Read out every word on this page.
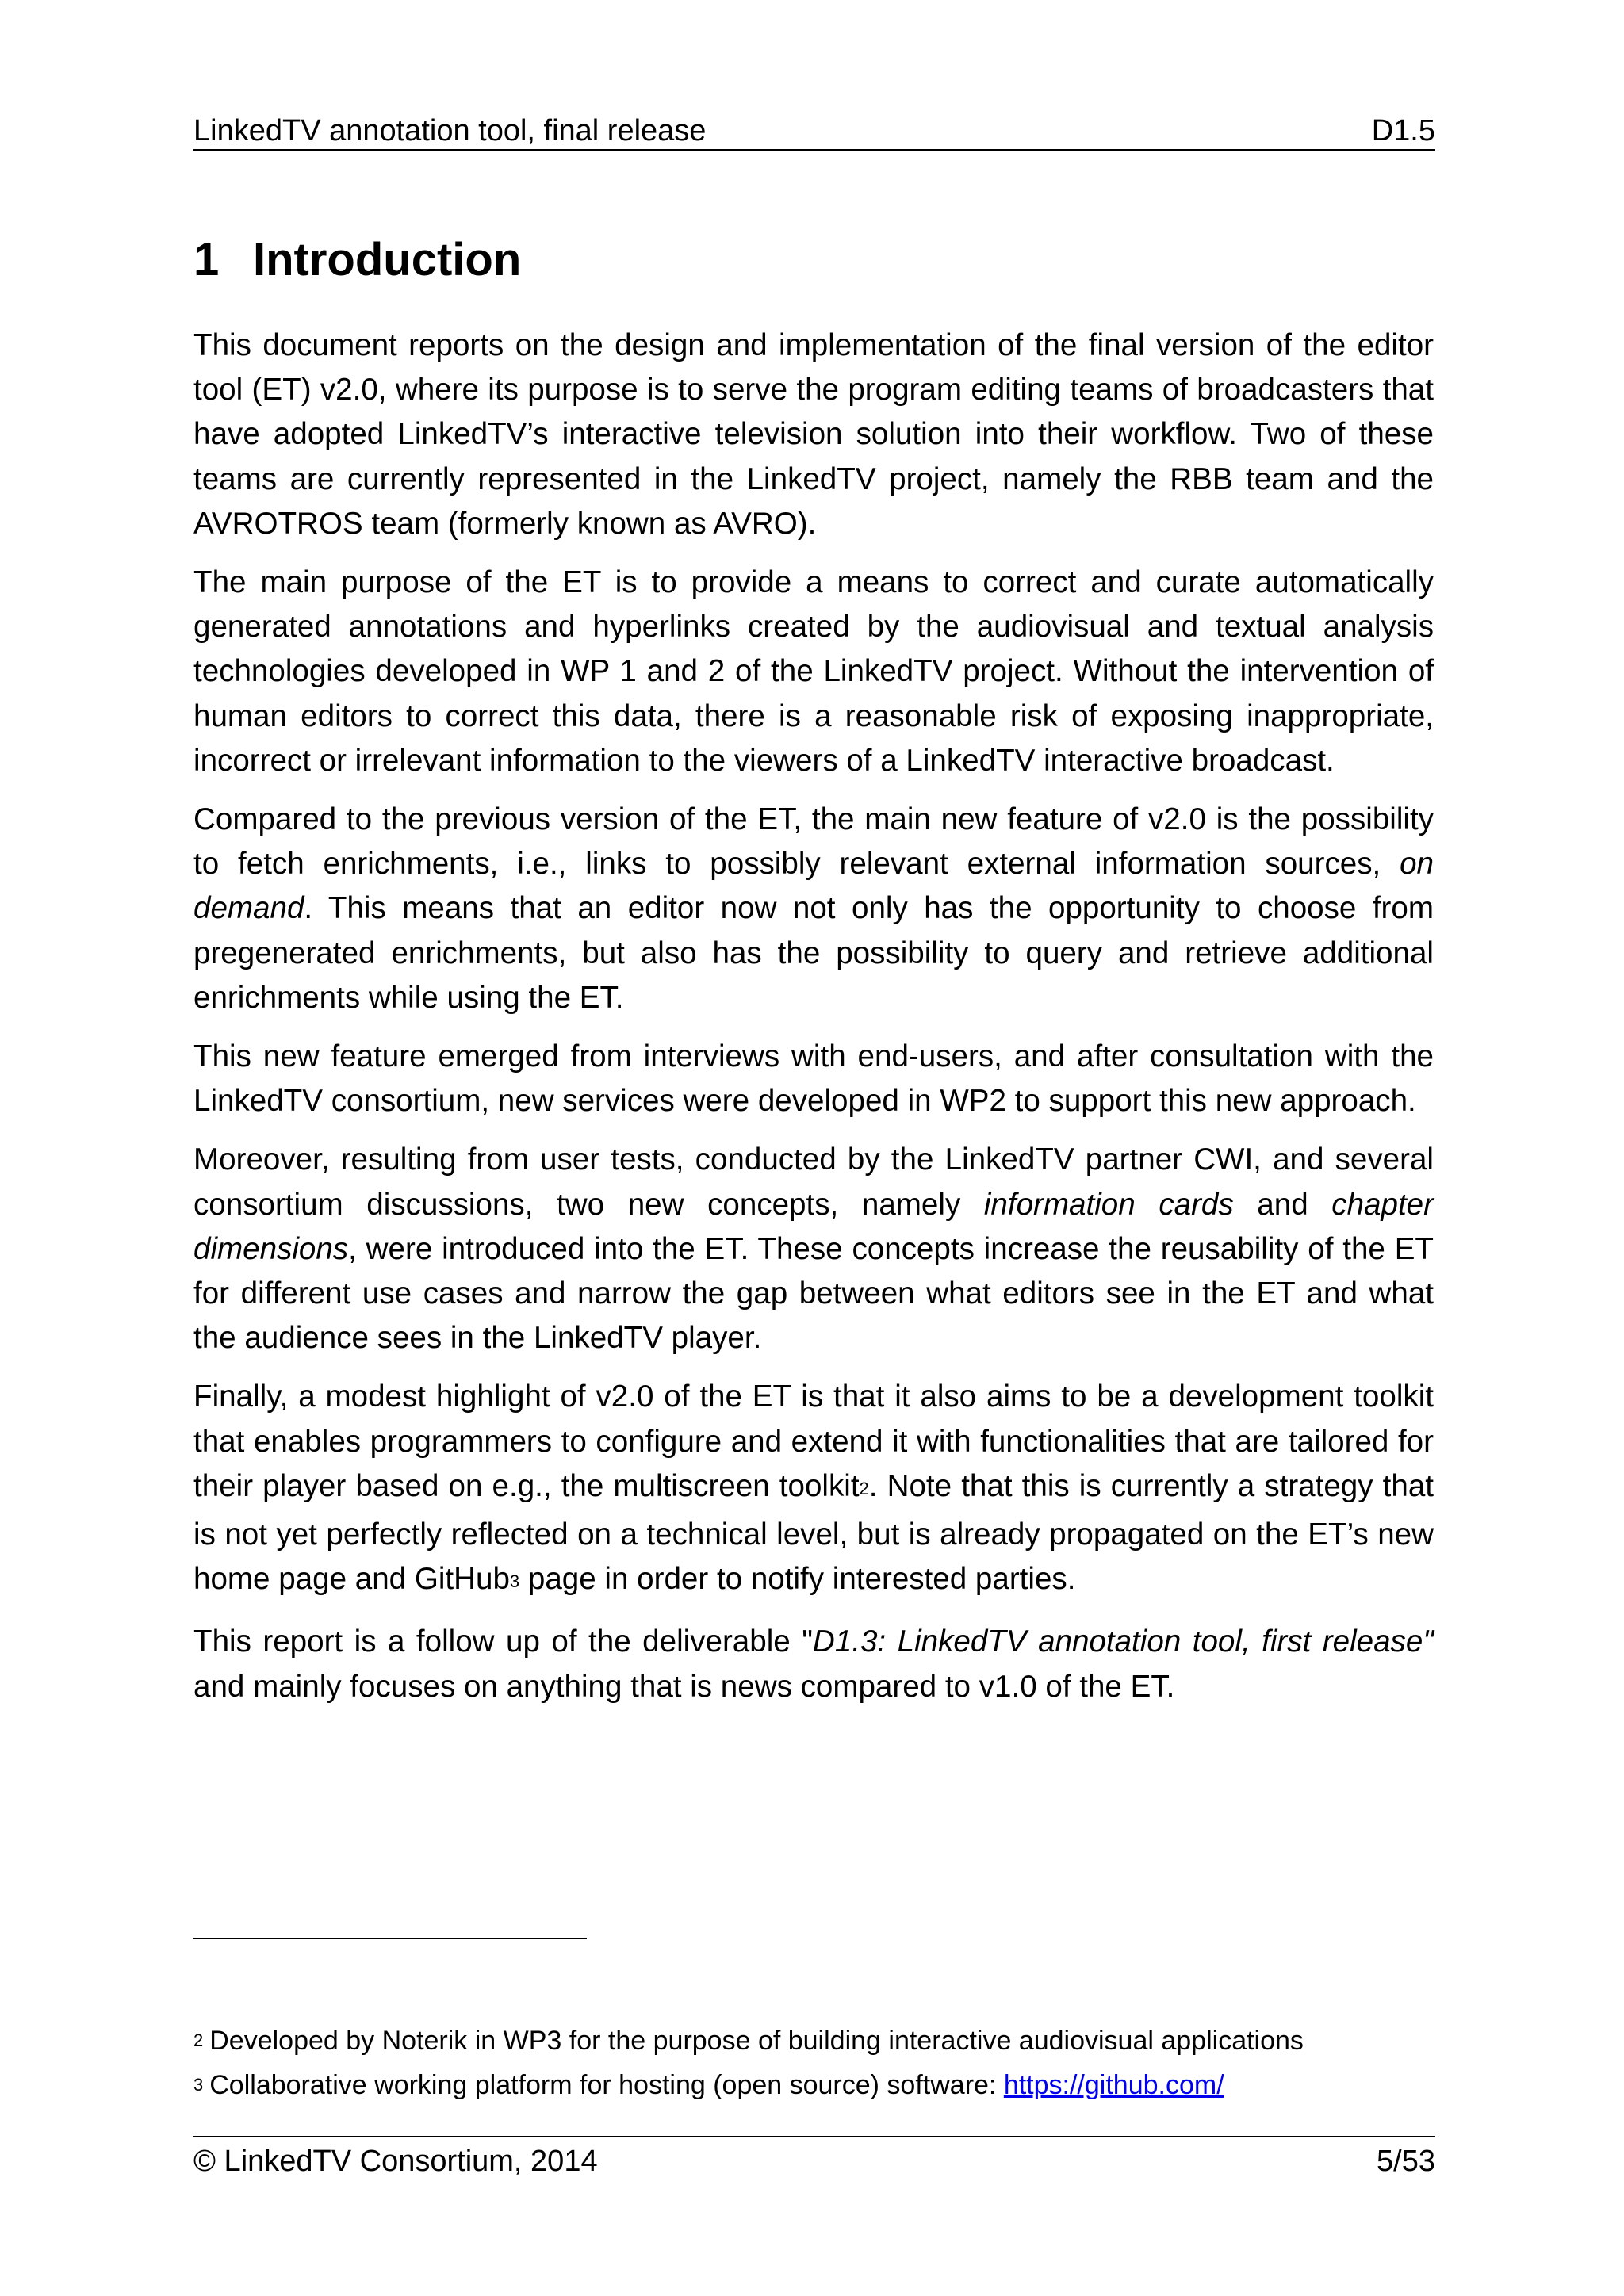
LinkedTV annotation tool, final release	D1.5
1 Introduction

This document reports on the design and implementation of the final version of the editor tool (ET) v2.0, where its purpose is to serve the program editing teams of broadcasters that have adopted LinkedTV’s interactive television solution into their workflow. Two of these teams are currently represented in the LinkedTV project, namely the RBB team and the AVROTROS team (formerly known as AVRO).

The main purpose of the ET is to provide a means to correct and curate automatically generated annotations and hyperlinks created by the audiovisual and textual analysis technologies developed in WP 1 and 2 of the LinkedTV project. Without the intervention of human editors to correct this data, there is a reasonable risk of exposing inappropriate, incorrect or irrelevant information to the viewers of a LinkedTV interactive broadcast.

Compared to the previous version of the ET, the main new feature of v2.0 is the possibility to fetch enrichments, i.e., links to possibly relevant external information sources, on demand. This means that an editor now not only has the opportunity to choose from pregenerated enrichments, but also has the possibility to query and retrieve additional enrichments while using the ET.

This new feature emerged from interviews with end-users, and after consultation with the LinkedTV consortium, new services were developed in WP2 to support this new approach.

Moreover, resulting from user tests, conducted by the LinkedTV partner CWI, and several consortium discussions, two new concepts, namely information cards and chapter dimensions, were introduced into the ET. These concepts increase the reusability of the ET for different use cases and narrow the gap between what editors see in the ET and what the audience sees in the LinkedTV player.

Finally, a modest highlight of v2.0 of the ET is that it also aims to be a development toolkit that enables programmers to configure and extend it with functionalities that are tailored for their player based on e.g., the multiscreen toolkit$^2$. Note that this is currently a strategy that is not yet perfectly reflected on a technical level, but is already propagated on the ET’s new home page and GitHub$^3$ page in order to notify interested parties.

This report is a follow up of the deliverable "D1.3: LinkedTV annotation tool, first release" and mainly focuses on anything that is news compared to v1.0 of the ET.

$^2$ Developed by Noterik in WP3 for the purpose of building interactive audiovisual applications
$^3$ Collaborative working platform for hosting (open source) software: https://github.com/
© LinkedTV Consortium, 2014	5/53
